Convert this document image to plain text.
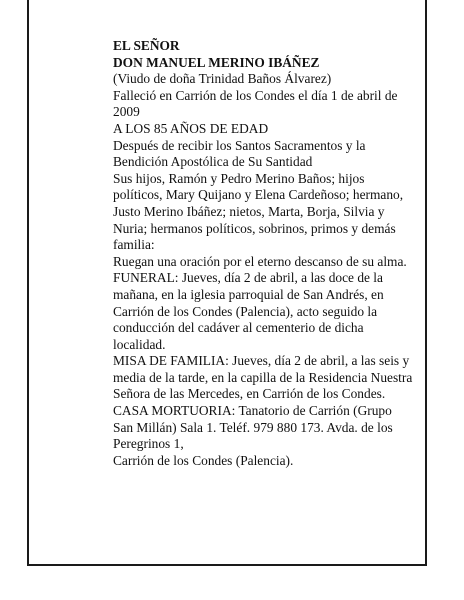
EL SEÑOR

DON MANUEL MERINO IBÁÑEZ

(Viudo de doña Trinidad Baños Álvarez)

Falleció en Carrión de los Condes el día 1 de abril de 2009

A LOS 85 AÑOS DE EDAD

Después de recibir los Santos Sacramentos y la Bendición Apostólica de Su Santidad

Sus hijos, Ramón y Pedro Merino Baños; hijos políticos, Mary Quijano y Elena Cardeñoso; hermano, Justo Merino Ibáñez; nietos, Marta, Borja, Silvia y Nuria; hermanos políticos, sobrinos, primos y demás familia:

Ruegan una oración por el eterno descanso de su alma.

FUNERAL: Jueves, día 2 de abril, a las doce de la mañana, en la iglesia parroquial de San Andrés, en Carrión de los Condes (Palencia), acto seguido la conducción del cadáver al cementerio de dicha localidad.

MISA DE FAMILIA: Jueves, día 2 de abril, a las seis y media de la tarde, en la capilla de la Residencia Nuestra Señora de las Mercedes, en Carrión de los Condes.

CASA MORTUORIA: Tanatorio de Carrión (Grupo San Millán) Sala 1. Teléf. 979 880 173. Avda. de los Peregrinos 1,

Carrión de los Condes (Palencia).
